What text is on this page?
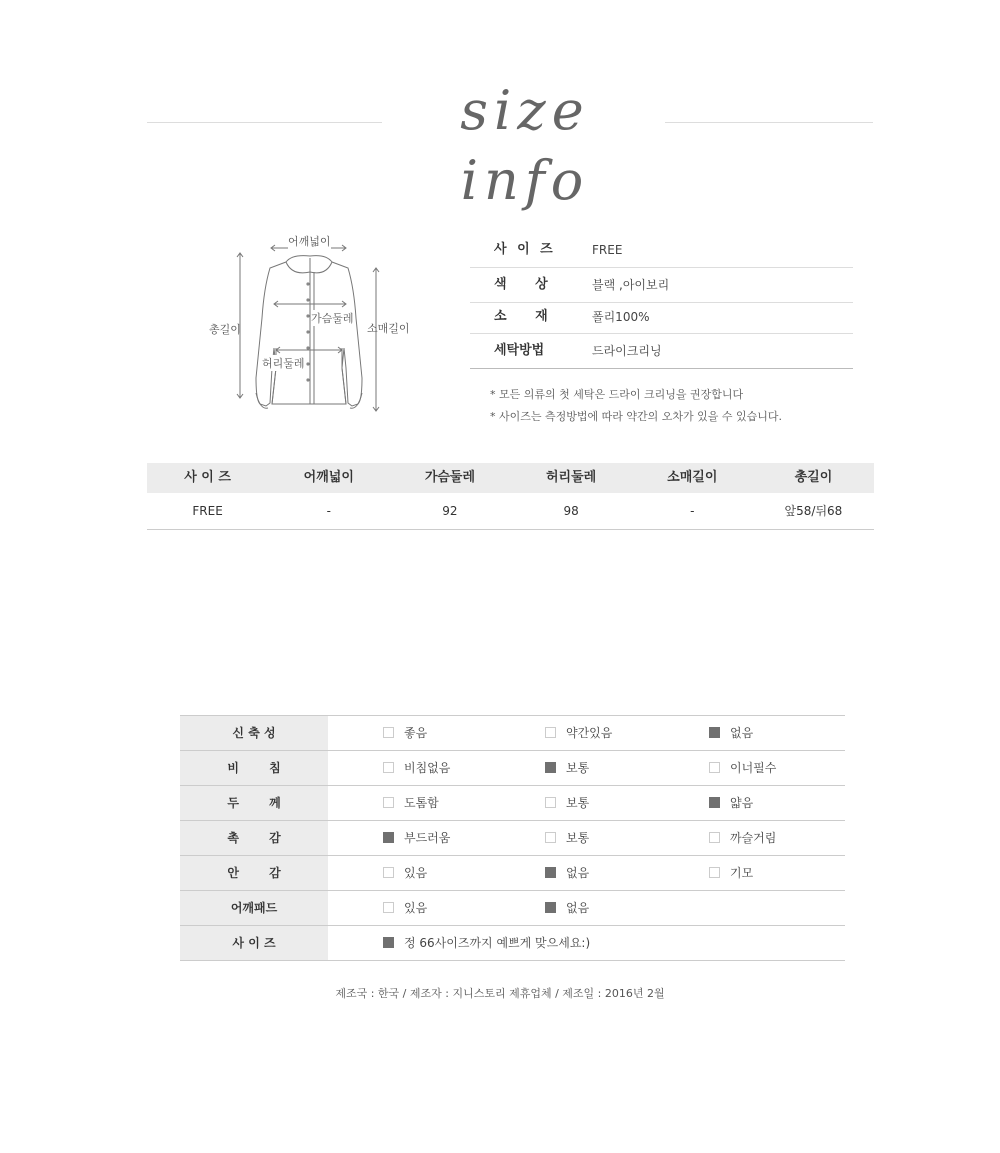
size info
어깨넓이
총길이	소매길이
가슴둘레
허리둘레
사 이 즈	FREE
색 상	블랙 ,아이보리
소 재	폴리100%
세탁방법	드라이크리닝
* 모든 의류의 첫 세탁은 드라이 크리닝을 권장합니다
* 사이즈는 측정방법에 따라 약간의 오차가 있을 수 있습니다.
사 이 즈	어깨넓이	가슴둘레	허리둘레	소매길이	총길이
FREE	-	92	98	-	앞58/뒤68
신 축 성	좋음	약간있음	없음
비 침	비침없음	보통	이너필수
두 께	도톰함	보통	얇음
촉 감	부드러움	보통	까슬거림
안 감	있음	없음	기모
어깨패드	있음	없음
사 이 즈	정 66사이즈까지 예쁘게 맞으세요:)
제조국 : 한국 / 제조자 : 지니스토리 제휴업체 / 제조일 : 2016년 2월
